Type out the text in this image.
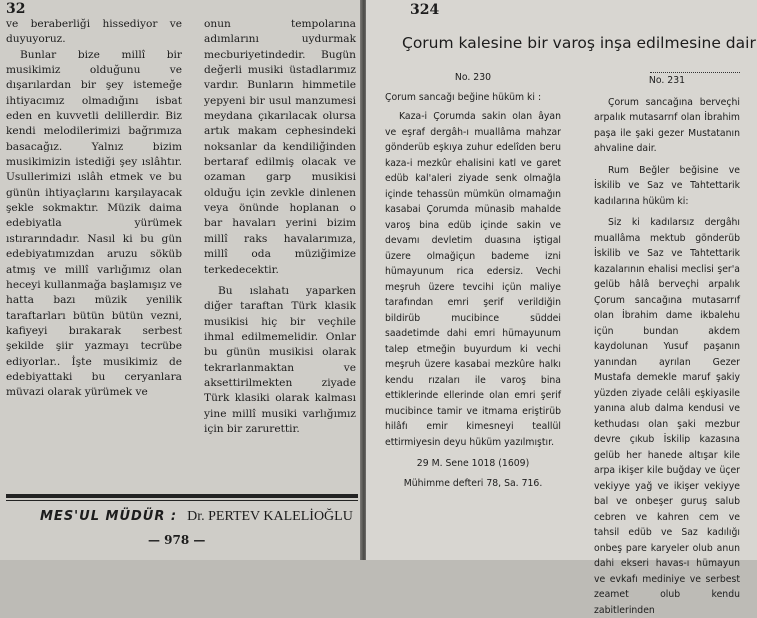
32

ve beraberliği hissediyor ve duyuyoruz.

Bunlar bize millî bir musikimiz olduğunu ve dışarılardan bir şey istemeğe ihtiyacımız olmadığını isbat eden en kuvvetli delillerdir. Biz kendi melodilerimizi bağrımıza basacağız. Yalnız bizim musikimizin istediği şey ıslâhtır. Usullerimizi ıslâh etmek ve bu günün ihtiyaçlarını karşılayacak şekle sokmaktır. Müzik daima edebiyatla yürümek ıstırarındadır. Nasıl ki bu gün edebiyatımızdan aruzu söküb atmış ve millî varlığımız olan heceyi kullanmağa başlamışız ve hatta bazı müzik yenilik taraftarları bütün bütün vezni, kafiyeyi bırakarak serbest şekilde şiir yazmayı tecrübe ediyorlar.. İşte musikimiz de edebiyattaki bu ceryanlara müvazi olarak yürümek ve

onun tempolarına adımlarını uydurmak mecburiyetindedir. Bugün değerli musiki üstadlarımız vardır. Bunların himmetile yepyeni bir usul manzumesi meydana çıkarılacak olursa artık makam cephesindeki noksanlar da kendiliğinden bertaraf edilmiş olacak ve ozaman garp musikisi olduğu için zevkle dinlenen veya önünde hoplanan o bar havaları yerini bizim millî raks havalarımıza, millî oda müziğimize terkedecektir.

Bu ıslahatı yaparken diğer taraftan Türk klasik musikisi hiç bir veçhile ihmal edilmemelidir. Onlar bu günün musikisi olarak tekrarlanmaktan ve aksettirilmekten ziyade Türk klasiki olarak kalması yine millî musiki varlığımız için bir zarurettir.

MES'UL MÜDÜR : Dr. PERTEV KALELİOĞLU
— 978 —
324
Çorum kalesine bir varoş inşa edilmesine dair

No. 230

Çorum sancağı beğine hüküm ki :

Kaza-i Çorumda sakin olan âyan ve eşraf dergâh-ı muallâma mahzar gönderüb eşkıya zuhur edelîden beru kaza-i mezkûr ehalisini katl ve garet edüb kal'aleri ziyade senk olmağla içinde tehassün mümkün olmamağın kasabai Çorumda münasib mahalde varoş bina edüb içinde sakin ve devamı devletim duasına iştigal üzere olmağiçun bademe izni hümayunum rica edersiz. Vechi meşruh üzere tevcihi içün maliye tarafından emri şerif verildiğin bildirüb mucibince süddei saadetimde dahi emri hümayunum talep etmeğin buyurdum ki vechi meşruh üzere kasabai mezkûre halkı kendu rızaları ile varoş bina ettiklerinde ellerinde olan emri şerif mucibince tamir ve itmama eriştirüb hilâfı emir kimesneyi teallül ettirmiyesin deyu hüküm yazılmıştır.

29 M. Sene 1018 (1609)

Mühimme defteri 78, Sa. 716.

No. 231

Çorum sancağına berveçhi arpalık mutasarrıf olan İbrahim paşa ile şaki gezer Mustatanın ahvaline dair.

Rum Beğler beğisine ve İskilib ve Saz ve Tahtettarik kadılarına hüküm ki:

Siz ki kadılarsız dergâhı muallâma mektub gönderüb İskilib ve Saz ve Tahtettarik kazalarının ehalisi meclisi şer'a gelüb hâlâ berveçhi arpalık Çorum sancağına mutasarrıf olan İbrahim dame ikbalehu içün bundan akdem kaydolunan Yusuf paşanın yanından ayrılan Gezer Mustafa demekle maruf şakiy yüzden ziyade celâli eşkiyasile yanına alub dalma kendusi ve kethudası olan şaki mezbur devre çıkub İskilip kazasına gelüb her hanede altışar kile arpa ikişer kile buğday ve üçer vekiyye yağ ve ikişer vekiyye bal ve onbeşer guruş salub cebren ve kahren cem ve tahsil edüb ve Saz kadılığı onbeş pare karyeler olub anun dahi ekseri havas-ı hümayun ve evkafı mediniye ve serbest zeamet olub kendu zabitlerinden
